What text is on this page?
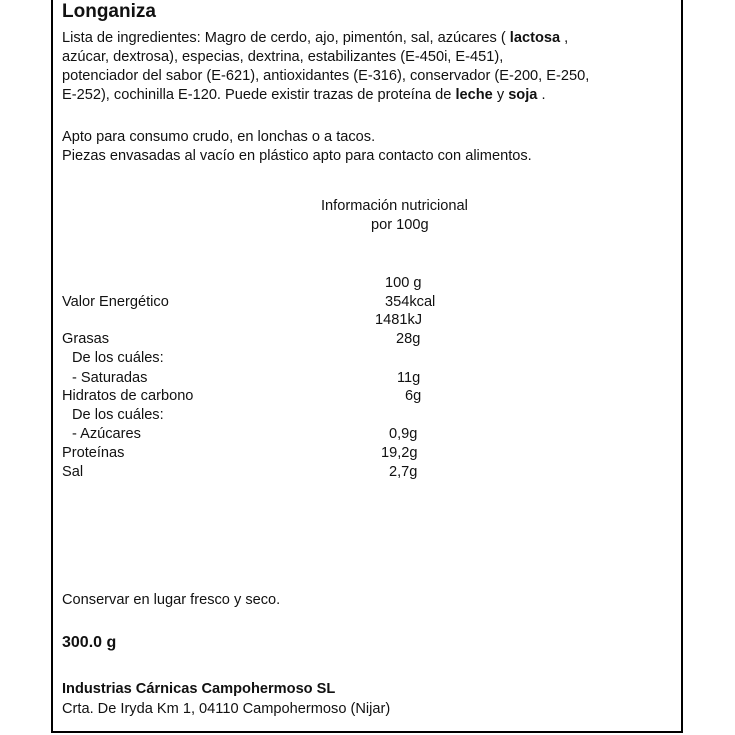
Longaniza
Lista de ingredientes: Magro de cerdo, ajo, pimentón, sal, azúcares ( lactosa ,
azúcar, dextrosa), especias, dextrina, estabilizantes (E-450i, E-451),
potenciador del sabor (E-621), antioxidantes (E-316), conservador (E-200, E-250,
E-252), cochinilla E-120. Puede existir trazas de proteína de leche y soja .
Apto para consumo crudo, en lonchas o a tacos.
Piezas envasadas al vacío en plástico apto para contacto con alimentos.
Información nutricional
por 100g
100 g
Valor Energético	354kcal
1481kJ
Grasas	28g
De los cuáles:
- Saturadas	11g
Hidratos de carbono	6g
De los cuáles:
- Azúcares	0,9g
Proteínas	19,2g
Sal	2,7g
Conservar en lugar fresco y seco.
300.0 g
Industrias Cárnicas Campohermoso SL
Crta. De Iryda Km 1, 04110 Campohermoso (Nijar)
